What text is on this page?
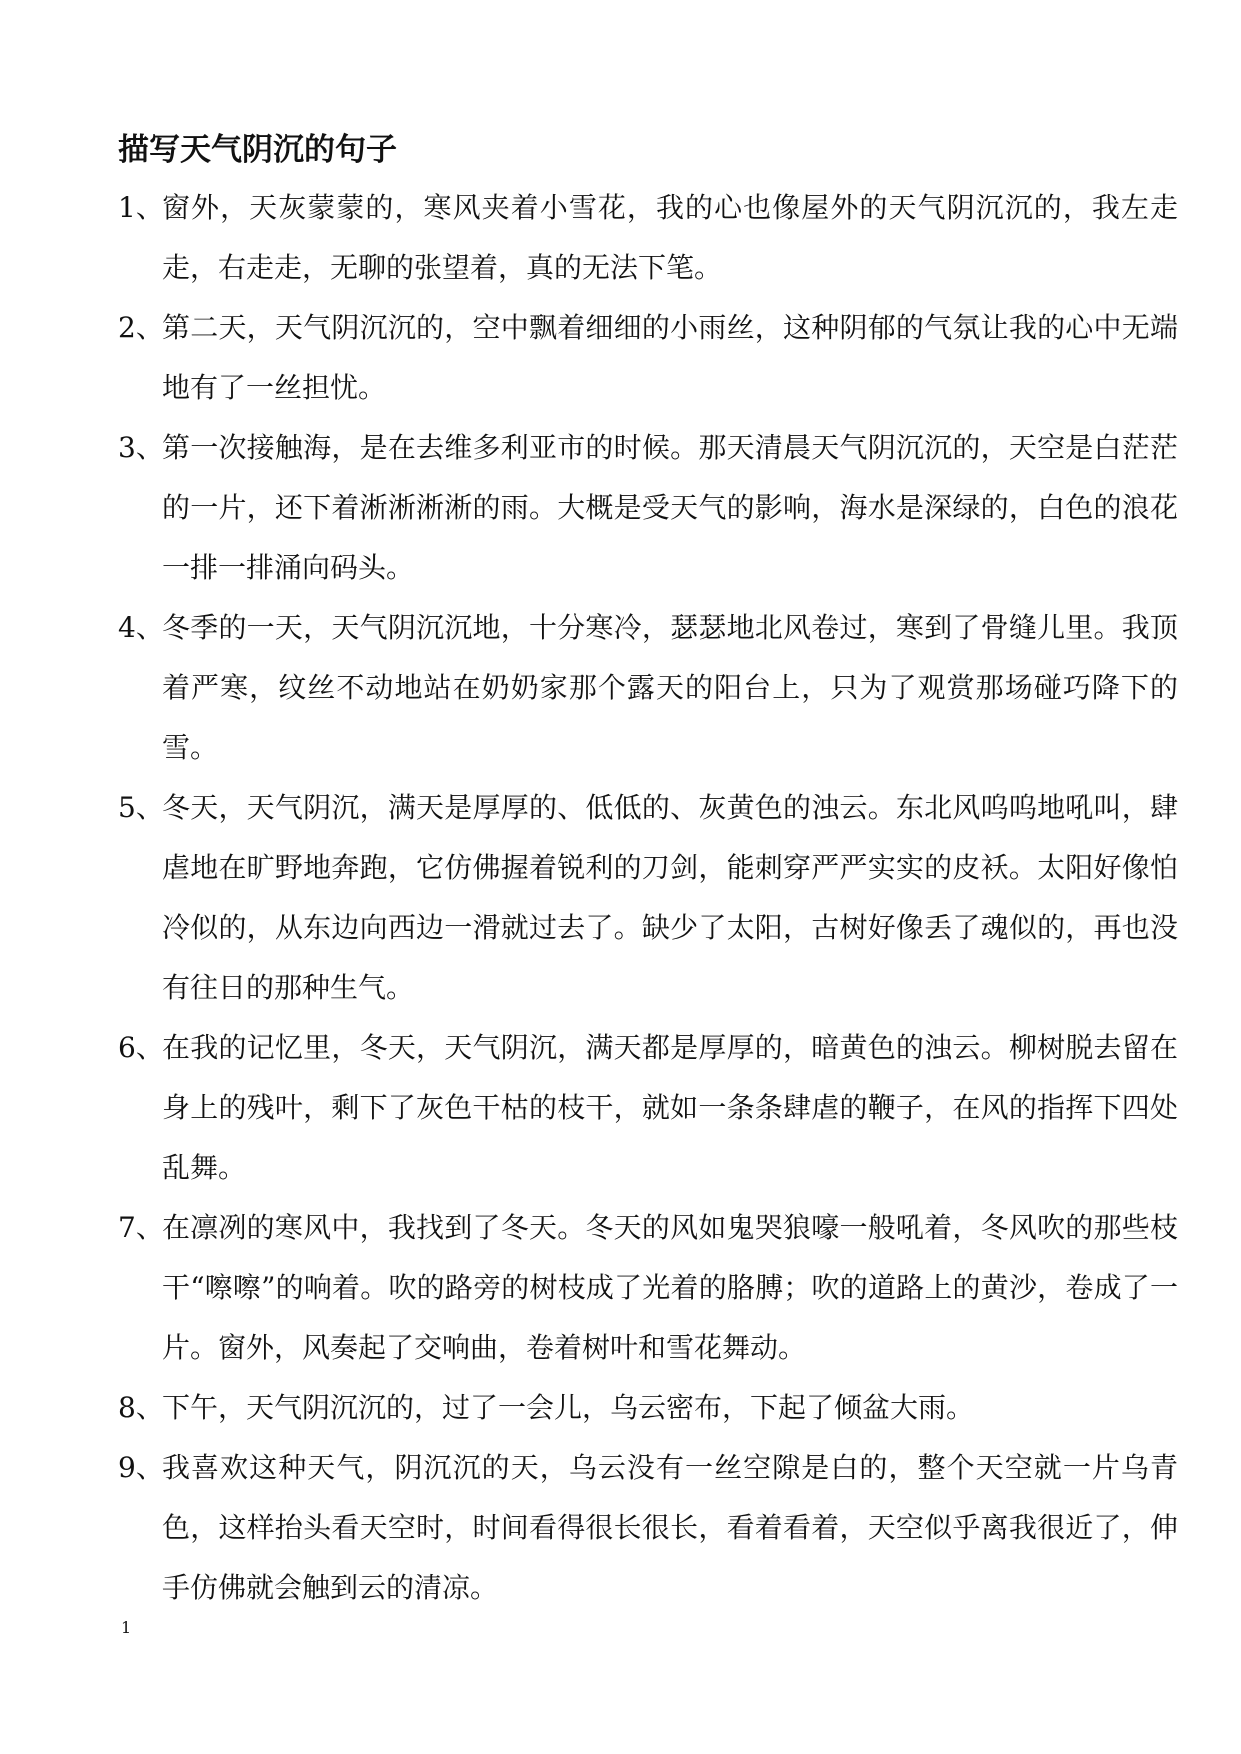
描写天气阴沉的句子
1、
窗外，天灰蒙蒙的，寒风夹着小雪花，我的心也像屋外的天气阴沉沉的，我左走走，右走走，无聊的张望着，真的无法下笔。
2、
第二天，天气阴沉沉的，空中飘着细细的小雨丝，这种阴郁的气氛让我的心中无端地有了一丝担忧。
3、
第一次接触海，是在去维多利亚市的时候。那天清晨天气阴沉沉的，天空是白茫茫的一片，还下着淅淅淅淅的雨。大概是受天气的影响，海水是深绿的，白色的浪花一排一排涌向码头。
4、
冬季的一天，天气阴沉沉地，十分寒冷，瑟瑟地北风卷过，寒到了骨缝儿里。我顶着严寒，纹丝不动地站在奶奶家那个露天的阳台上，只为了观赏那场碰巧降下的雪。
5、
冬天，天气阴沉，满天是厚厚的、低低的、灰黄色的浊云。东北风呜呜地吼叫，肆虐地在旷野地奔跑，它仿佛握着锐利的刀剑，能刺穿严严实实的皮袄。太阳好像怕冷似的，从东边向西边一滑就过去了。缺少了太阳，古树好像丢了魂似的，再也没有往日的那种生气。
6、
在我的记忆里，冬天，天气阴沉，满天都是厚厚的，暗黄色的浊云。柳树脱去留在身上的残叶，剩下了灰色干枯的枝干，就如一条条肆虐的鞭子，在风的指挥下四处乱舞。
7、
在凛冽的寒风中，我找到了冬天。冬天的风如鬼哭狼嚎一般吼着，冬风吹的那些枝干“嚓嚓”的响着。吹的路旁的树枝成了光着的胳膊；吹的道路上的黄沙，卷成了一片。窗外，风奏起了交响曲，卷着树叶和雪花舞动。
8、
下午，天气阴沉沉的，过了一会儿，乌云密布，下起了倾盆大雨。
9、
我喜欢这种天气，阴沉沉的天，乌云没有一丝空隙是白的，整个天空就一片乌青色，这样抬头看天空时，时间看得很长很长，看着看着，天空似乎离我很近了，伸手仿佛就会触到云的清凉。
1
